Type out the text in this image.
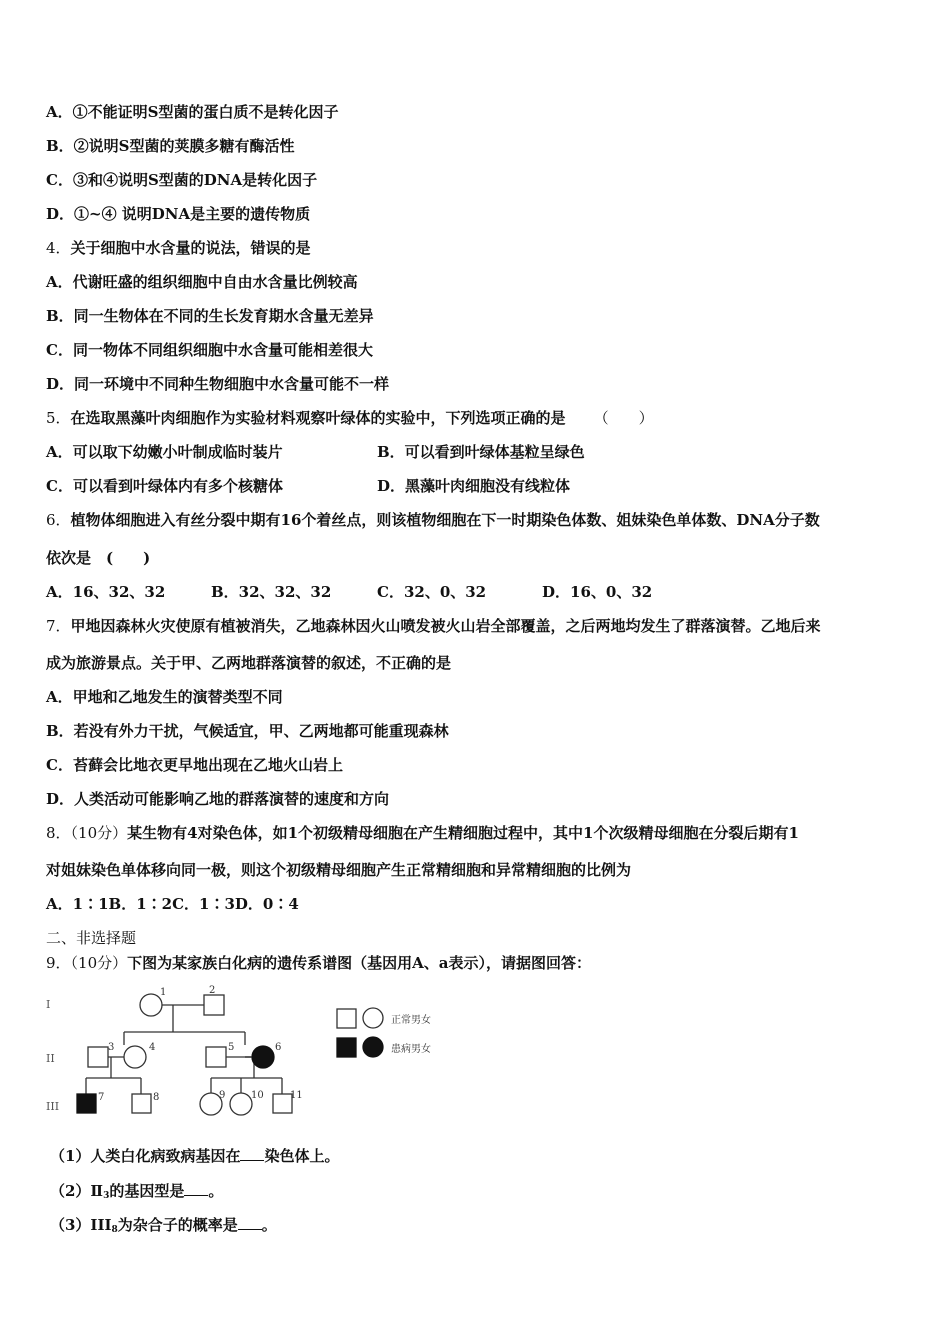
A．①不能证明S型菌的蛋白质不是转化因子
B．②说明S型菌的荚膜多糖有酶活性
C．③和④说明S型菌的DNA是转化因子
D．①~④ 说明DNA是主要的遗传物质
4．关于细胞中水含量的说法，错误的是
A．代谢旺盛的组织细胞中自由水含量比例较高
B．同一生物体在不同的生长发育期水含量无差异
C．同一物体不同组织细胞中水含量可能相差很大
D．同一环境中不同种生物细胞中水含量可能不一样
5．在选取黑藻叶肉细胞作为实验材料观察叶绿体的实验中，下列选项正确的是 （　　）
A．可以取下幼嫩小叶制成临时装片	B．可以看到叶绿体基粒呈绿色
C．可以看到叶绿体内有多个核糖体	D．黑藻叶肉细胞没有线粒体
6．植物体细胞进入有丝分裂中期有16个着丝点，则该植物细胞在下一时期染色体数、姐妹染色单体数、DNA分子数
依次是　(　　)
A．16、32、32	B．32、32、32	C．32、0、32	D．16、0、32
7．甲地因森林火灾使原有植被消失，乙地森林因火山喷发被火山岩全部覆盖，之后两地均发生了群落演替。乙地后来
成为旅游景点。关于甲、乙两地群落演替的叙述，不正确的是
A．甲地和乙地发生的演替类型不同
B．若没有外力干扰，气候适宜，甲、乙两地都可能重现森林
C．苔藓会比地衣更早地出现在乙地火山岩上
D．人类活动可能影响乙地的群落演替的速度和方向
8．（10分）某生物有4对染色体，如1个初级精母细胞在产生精细胞过程中，其中1个次级精母细胞在分裂后期有1
对姐妹染色单体移向同一极，则这个初级精母细胞产生正常精细胞和异常精细胞的比例为
A．1∶1B．1∶2C．1∶3D．0∶4
二、非选择题
9．（10分）下图为某家族白化病的遗传系谱图（基因用A、a表示），请据图回答：
I
II
III
1	2
3	4	5	6
7	8	9	10	11
正常男女
患病男女
（1）人类白化病致病基因在 染色体上。
$(2)Ⅱ_3$的基因型是 。
$(3)III_8$为杂合子的概率是 。
